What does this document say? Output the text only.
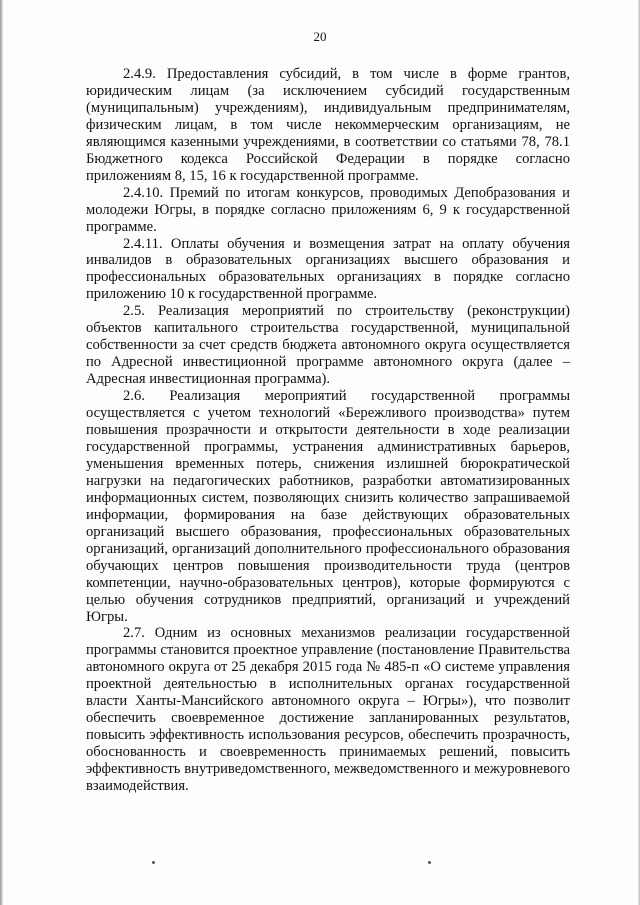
20

2.4.9. Предоставления субсидий, в том числе в форме грантов, юридическим лицам (за исключением субсидий государственным (муниципальным) учреждениям), индивидуальным предпринимателям, физическим лицам, в том числе некоммерческим организациям, не являющимся казенными учреждениями, в соответствии со статьями 78, 78.1 Бюджетного кодекса Российской Федерации в порядке согласно приложениям 8, 15, 16 к государственной программе.

2.4.10. Премий по итогам конкурсов, проводимых Депобразования и молодежи Югры, в порядке согласно приложениям 6, 9 к государственной программе.

2.4.11. Оплаты обучения и возмещения затрат на оплату обучения инвалидов в образовательных организациях высшего образования и профессиональных образовательных организациях в порядке согласно приложению 10 к государственной программе.

2.5. Реализация мероприятий по строительству (реконструкции) объектов капитального строительства государственной, муниципальной собственности за счет средств бюджета автономного округа осуществляется по Адресной инвестиционной программе автономного округа (далее – Адресная инвестиционная программа).

2.6. Реализация мероприятий государственной программы осуществляется с учетом технологий «Бережливого производства» путем повышения прозрачности и открытости деятельности в ходе реализации государственной программы, устранения административных барьеров, уменьшения временных потерь, снижения излишней бюрократической нагрузки на педагогических работников, разработки автоматизированных информационных систем, позволяющих снизить количество запрашиваемой информации, формирования на базе действующих образовательных организаций высшего образования, профессиональных образовательных организаций, организаций дополнительного профессионального образования обучающих центров повышения производительности труда (центров компетенции, научно-образовательных центров), которые формируются с целью обучения сотрудников предприятий, организаций и учреждений Югры.

2.7. Одним из основных механизмов реализации государственной программы становится проектное управление (постановление Правительства автономного округа от 25 декабря 2015 года № 485-п «О системе управления проектной деятельностью в исполнительных органах государственной власти Ханты-Мансийского автономного округа – Югры»), что позволит обеспечить своевременное достижение запланированных результатов, повысить эффективность использования ресурсов, обеспечить прозрачность, обоснованность и своевременность принимаемых решений, повысить эффективность внутриведомственного, межведомственного и межуровневого взаимодействия.
